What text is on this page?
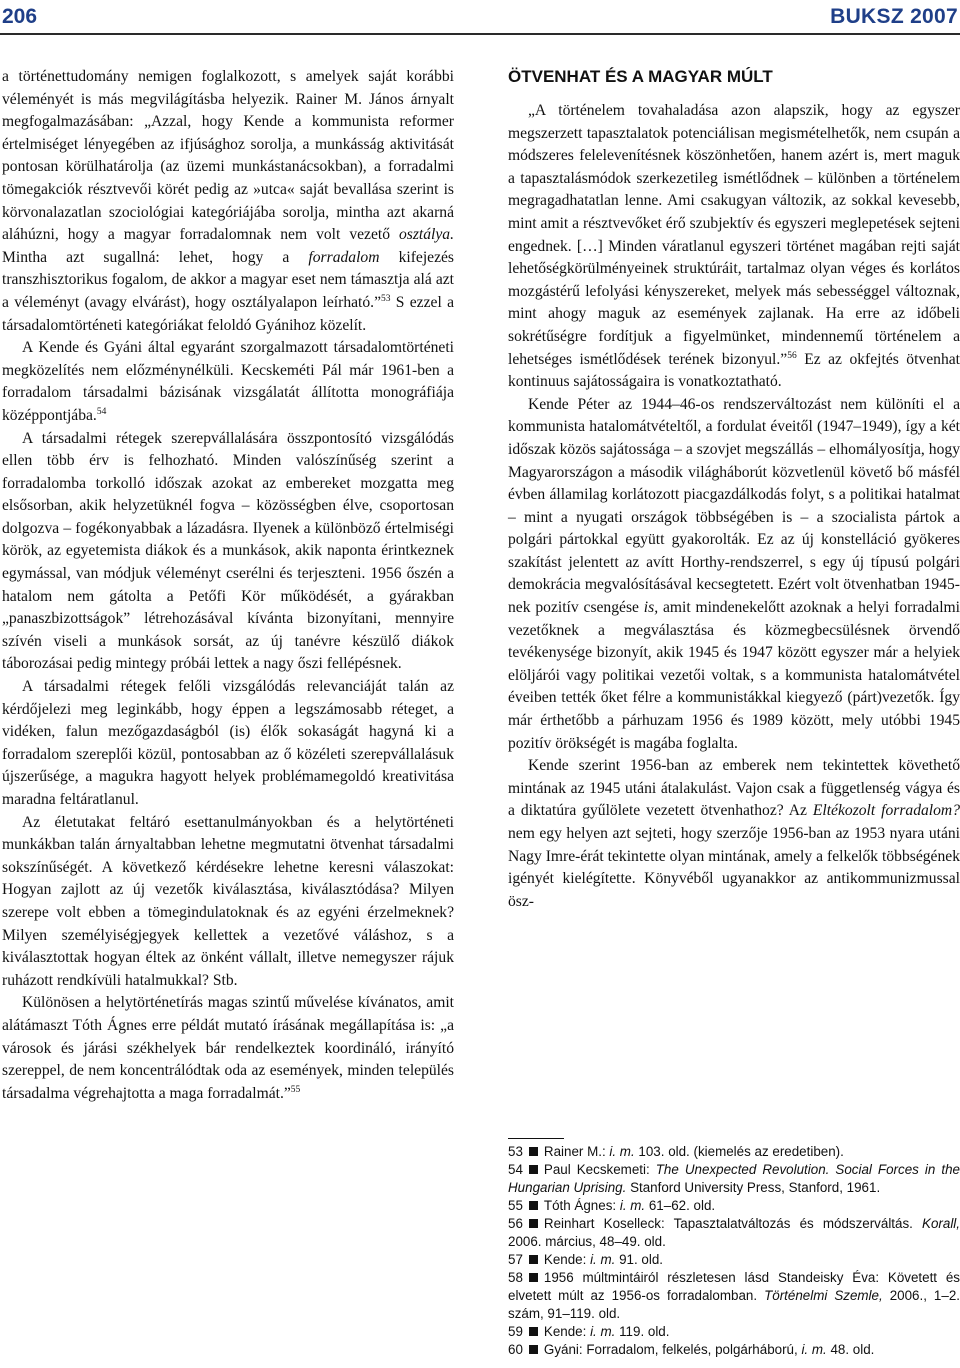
206	BUKSZ 2007

a történettudomány nemigen foglalkozott, s amelyek saját korábbi véleményét is más megvilágításba helyezik. Rainer M. János árnyalt megfogalmazásában: „Azzal, hogy Kende a kommunista reformer értelmiséget lényegében az ifjúsághoz sorolja, a munkásság aktivitását pontosan körülhatárolja (az üzemi munkástanácsokban), a forradalmi tömegakciók résztvevői körét pedig az »utca« saját bevallása szerint is körvonalazatlan szociológiai kategóriájába sorolja, mintha azt akarná aláhúzni, hogy a magyar forradalomnak nem volt vezető osztálya. Mintha azt sugallná: lehet, hogy a forradalom kifejezés transzhisztorikus fogalom, de akkor a magyar eset nem támasztja alá azt a véleményt (avagy elvárást), hogy osztályalapon leírható.”$^{53}$ S ezzel a társadalomtörténeti kategóriákat feloldó Gyánihoz közelít.

A Kende és Gyáni által egyaránt szorgalmazott társadalomtörténeti megközelítés nem előzménynélküli. Kecskeméti Pál már 1961-ben a forradalom társadalmi bázisának vizsgálatát állította monográfiája középpontjába.$^{54}$

A társadalmi rétegek szerepvállalására összpontosító vizsgálódás ellen több érv is felhozható. Minden valószínűség szerint a forradalomba torkolló időszak azokat az embereket mozgatta meg elsősorban, akik helyzetüknél fogva – közösségben élve, csoportosan dolgozva – fogékonyabbak a lázadásra. Ilyenek a különböző értelmiségi körök, az egyetemista diákok és a munkások, akik naponta érintkeznek egymással, van módjuk véleményt cserélni és terjeszteni. 1956 őszén a hatalom nem gátolta a Petőfi Kör működését, a gyárakban „panaszbizottságok” létrehozásával kívánta bizonyítani, mennyire szívén viseli a munkások sorsát, az új tanévre készülő diákok táborozásai pedig mintegy próbái lettek a nagy őszi fellépésnek.

A társadalmi rétegek felőli vizsgálódás relevanciáját talán az kérdőjelezi meg leginkább, hogy éppen a legszámosabb réteget, a vidéken, falun mezőgazdaságból (is) élők sokaságát hagyná ki a forradalom szereplői közül, pontosabban az ő közéleti szerepvállalásuk újszerűsége, a magukra hagyott helyek problémamegoldó kreativitása maradna feltáratlanul.

Az életutakat feltáró esettanulmányokban és a helytörténeti munkákban talán árnyaltabban lehetne megmutatni ötvenhat társadalmi sokszínűségét. A következő kérdésekre lehetne keresni válaszokat: Hogyan zajlott az új vezetők kiválasztása, kiválasztódása? Milyen szerepe volt ebben a tömegindulatoknak és az egyéni érzelmeknek? Milyen személyiségjegyek kellettek a vezetővé váláshoz, s a kiválasztottak hogyan éltek az önként vállalt, illetve nemegyszer rájuk ruházott rendkívüli hatalmukkal? Stb.

Különösen a helytörténetírás magas szintű művelése kívánatos, amit alátámaszt Tóth Ágnes erre példát mutató írásának megállapítása is: „a városok és járási székhelyek bár rendelkeztek koordináló, irányító szereppel, de nem koncentrálódtak oda az események, minden település társadalma végrehajtotta a maga forradalmát.”$^{55}$

ÖTVENHAT ÉS A MAGYAR MÚLT

„A történelem tovahaladása azon alapszik, hogy az egyszer megszerzett tapasztalatok potenciálisan megismételhetők, nem csupán a módszeres felelevenítésnek köszönhetően, hanem azért is, mert maguk a tapasztalásmódok szerkezetileg ismétlődnek – különben a történelem megragadhatatlan lenne. Ami csakugyan változik, az sokkal kevesebb, mint amit a résztvevőket érő szubjektív és egyszeri meglepetések sejteni engednek. […] Minden váratlanul egyszeri történet magában rejti saját lehetőségkörülményeinek struktúráit, tartalmaz olyan véges és korlátos mozgástérű lefolyási kényszereket, melyek más sebességgel változnak, mint ahogy maguk az események zajlanak. Ha erre az időbeli sokrétűségre fordítjuk a figyelmünket, mindennemű történelem a lehetséges ismétlődések terének bizonyul.”$^{56}$ Ez az okfejtés ötvenhat kontinuus sajátosságaira is vonatkoztatható.

Kende Péter az 1944–46-os rendszerváltozást nem különíti el a kommunista hatalomátvételtől, a fordulat éveitől (1947–1949), így a két időszak közös sajátossága – a szovjet megszállás – elhomályosítja, hogy Magyarországon a második világháborút közvetlenül követő bő másfél évben államilag korlátozott piacgazdálkodás folyt, s a politikai hatalmat – mint a nyugati országok többségében is – a szocialista pártok a polgári pártokkal együtt gyakorolták. Ez az új konstelláció gyökeres szakítást jelentett az avítt Horthy-rendszerrel, s egy új típusú polgári demokrácia megvalósításával kecsegtetett. Ezért volt ötvenhatban 1945-nek pozitív csengése is, amit mindenekelőtt azoknak a helyi forradalmi vezetőknek a megválasztása és közmegbecsülésnek örvendő tevékenysége bizonyít, akik 1945 és 1947 között egyszer már a helyiek elöljárói vagy politikai vezetői voltak, s a kommunista hatalomátvétel éveiben tették őket félre a kommunistákkal kiegyező (párt)vezetők. Így már érthetőbb a párhuzam 1956 és 1989 között, mely utóbbi 1945 pozitív örökségét is magába foglalta.

Kende szerint 1956-ban az emberek nem tekintettek követhető mintának az 1945 utáni átalakulást. Vajon csak a függetlenség vágya és a diktatúra gyűlölete vezetett ötvenhathoz? Az Eltékozolt forradalom? nem egy helyen azt sejteti, hogy szerzője 1956-ban az 1953 nyara utáni Nagy Imre-érát tekintette olyan mintának, amely a felkelők többségének igényét kielégítette. Könyvéből ugyanakkor az antikommunizmussal ösz-

53 Rainer M.: i. m. 103. old. (kiemelés az eredetiben).

54 Paul Kecskemeti: The Unexpected Revolution. Social Forces in the Hungarian Uprising. Stanford University Press, Stanford, 1961.

55 Tóth Ágnes: i. m. 61–62. old.

56 Reinhart Koselleck: Tapasztalatváltozás és módszerváltás. Korall, 2006. március, 48–49. old.

57 Kende: i. m. 91. old.

58 1956 múltmintáiról részletesen lásd Standeisky Éva: Követett és elvetett múlt az 1956-os forradalomban. Történelmi Szemle, 2006., 1–2. szám, 91–119. old.

59 Kende: i. m. 119. old.

60 Gyáni: Forradalom, felkelés, polgárháború, i. m. 48. old.
